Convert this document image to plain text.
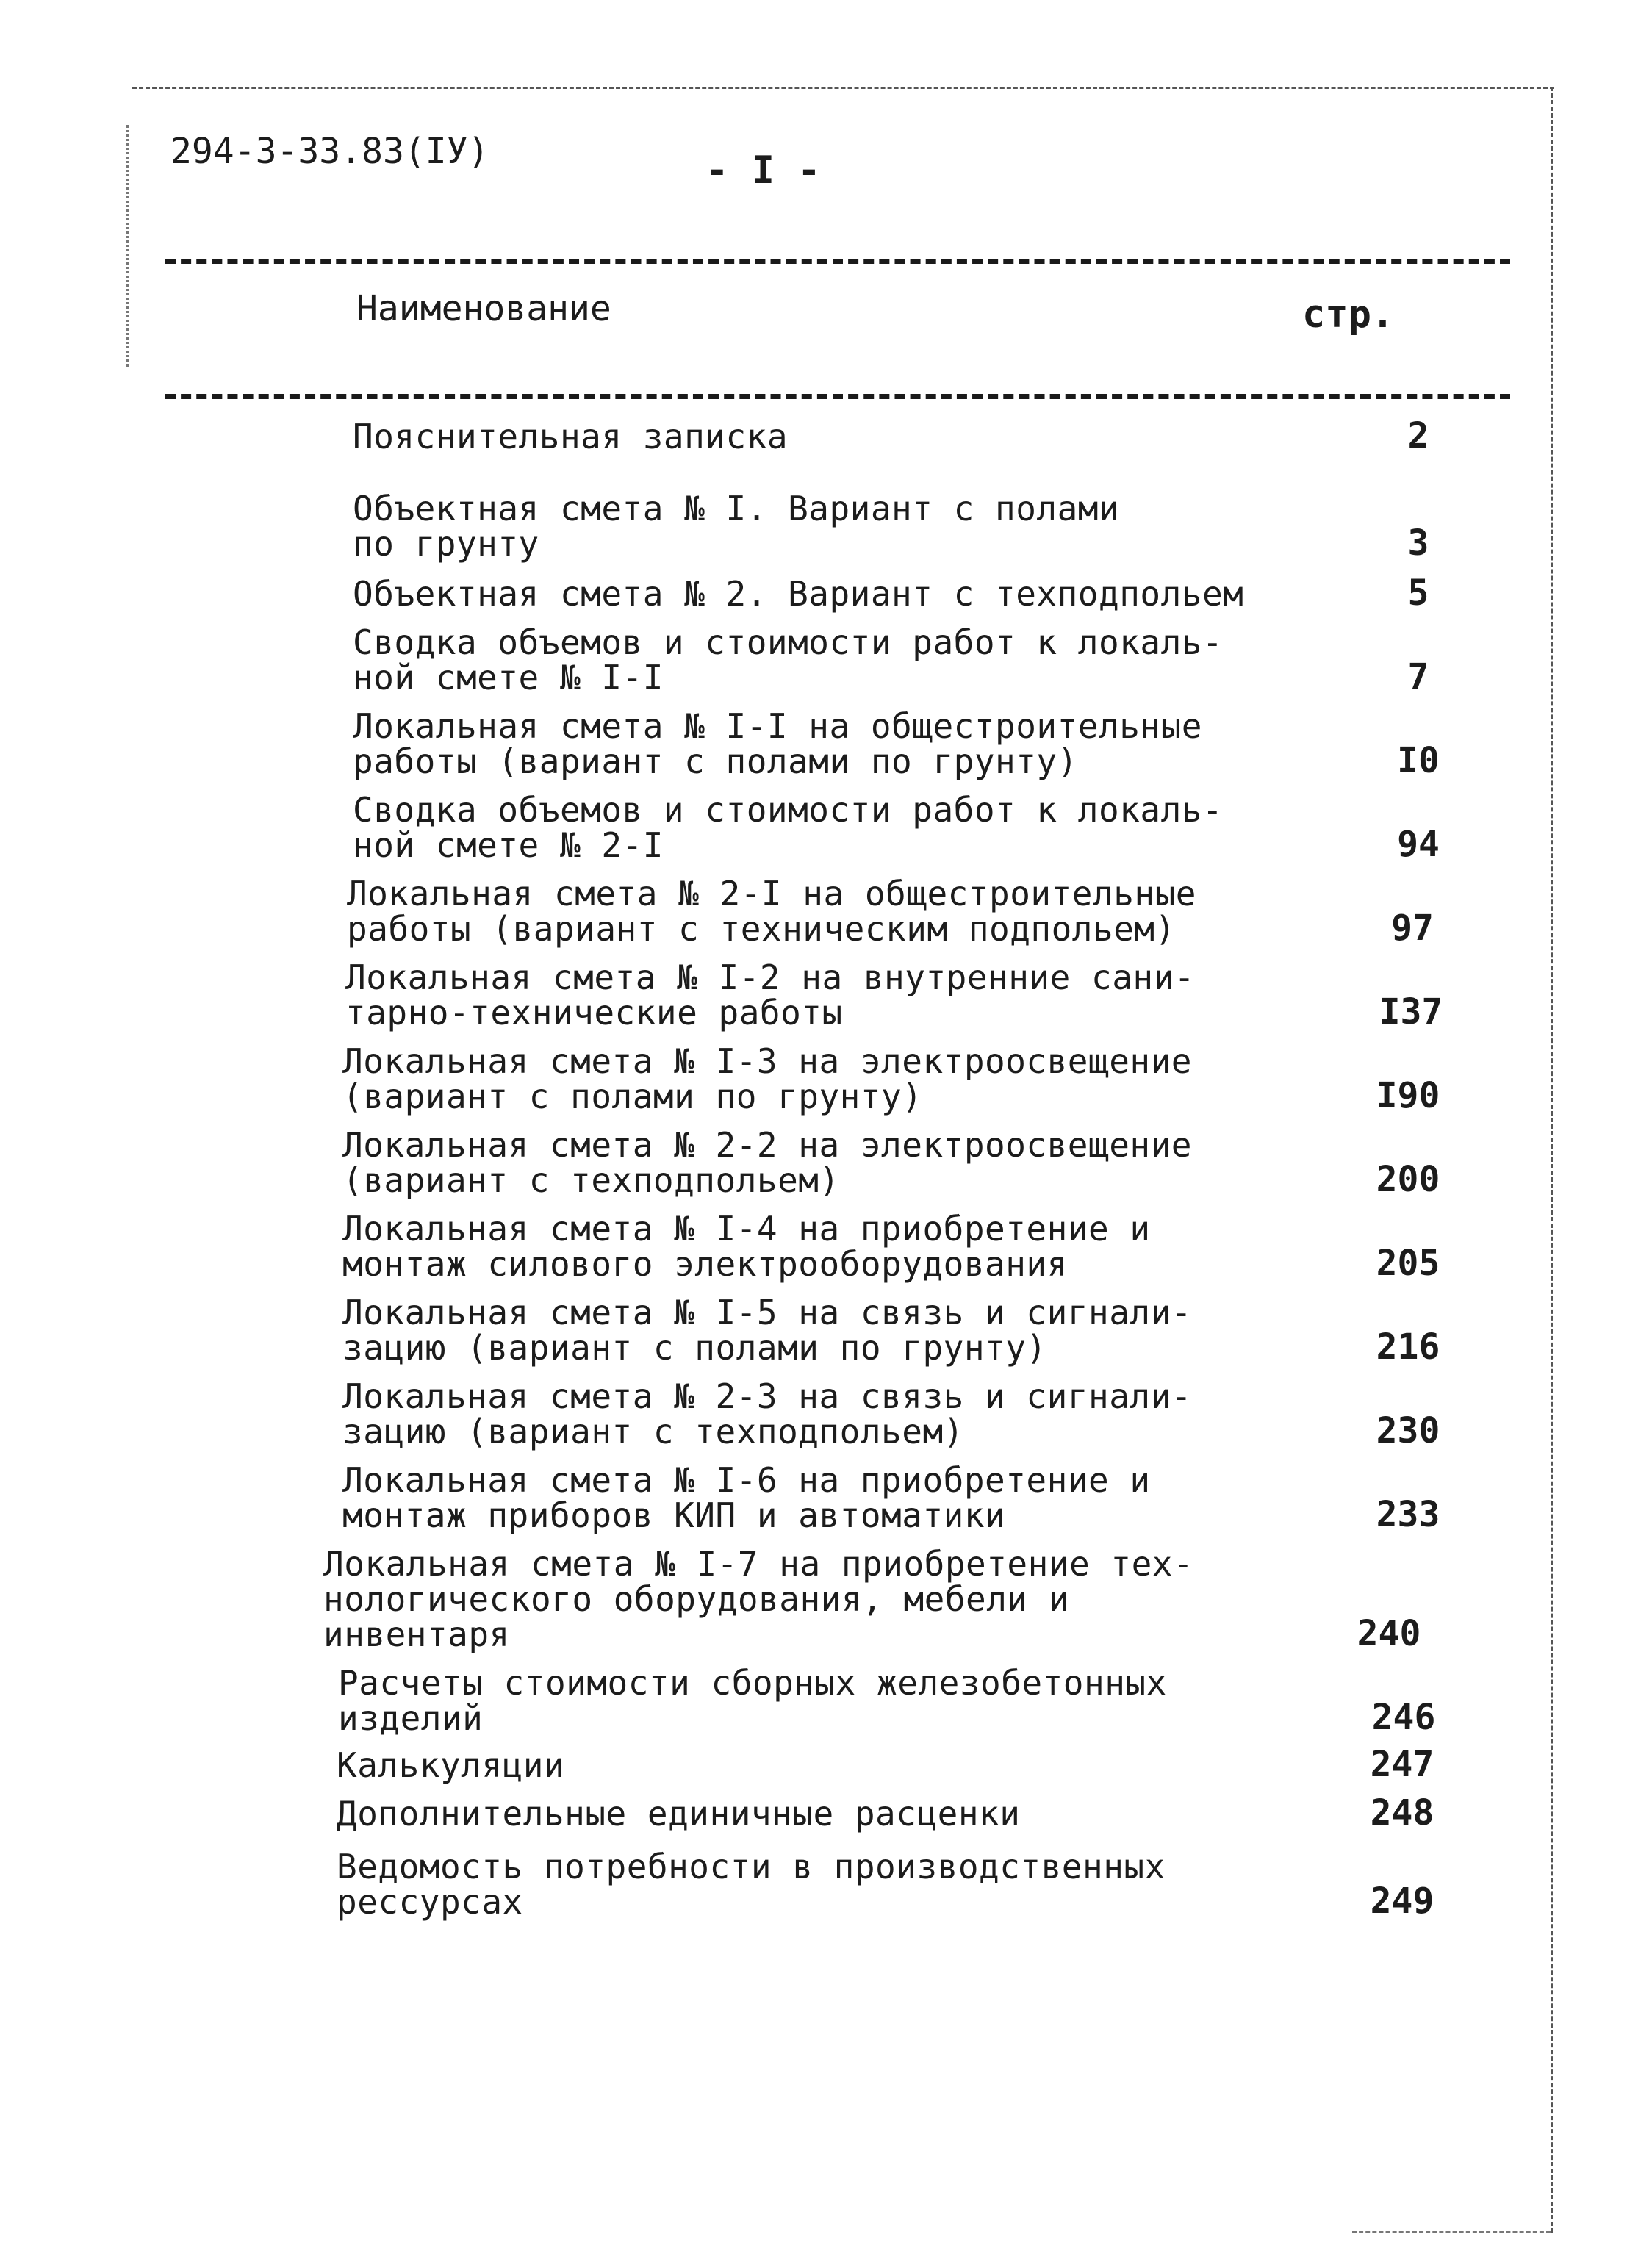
294-3-33.83(IУ)	- I -
Наименование	стр.
Пояснительная записка	2
Объектная смета № I. Вариант с полами
по грунту	3
Объектная смета № 2. Вариант с техподпольем	5
Сводка объемов и стоимости работ к локаль-
ной смете № I-I	7
Локальная смета № I-I на общестроительные
работы (вариант с полами по грунту)	I0
Сводка объемов и стоимости работ к локаль-
ной смете № 2-I	94
Локальная смета № 2-I на общестроительные
работы (вариант с техническим подпольем)	97
Локальная смета № I-2 на внутренние сани-
тарно-технические работы	I37
Локальная смета № I-3 на электроосвещение
(вариант с полами по грунту)	I90
Локальная смета № 2-2 на электроосвещение
(вариант с техподпольем)	200
Локальная смета № I-4 на приобретение и
монтаж силового электрооборудования	205
Локальная смета № I-5 на связь и сигнали-
зацию (вариант с полами по грунту)	216
Локальная смета № 2-3 на связь и сигнали-
зацию (вариант с техподпольем)	230
Локальная смета № I-6 на приобретение и
монтаж приборов КИП и автоматики	233
Локальная смета № I-7 на приобретение тех-
нологического оборудования, мебели и
инвентаря	240
Расчеты стоимости сборных железобетонных
изделий	246
Калькуляции	247
Дополнительные единичные расценки	248
Ведомость потребности в производственных
рессурсах	249
